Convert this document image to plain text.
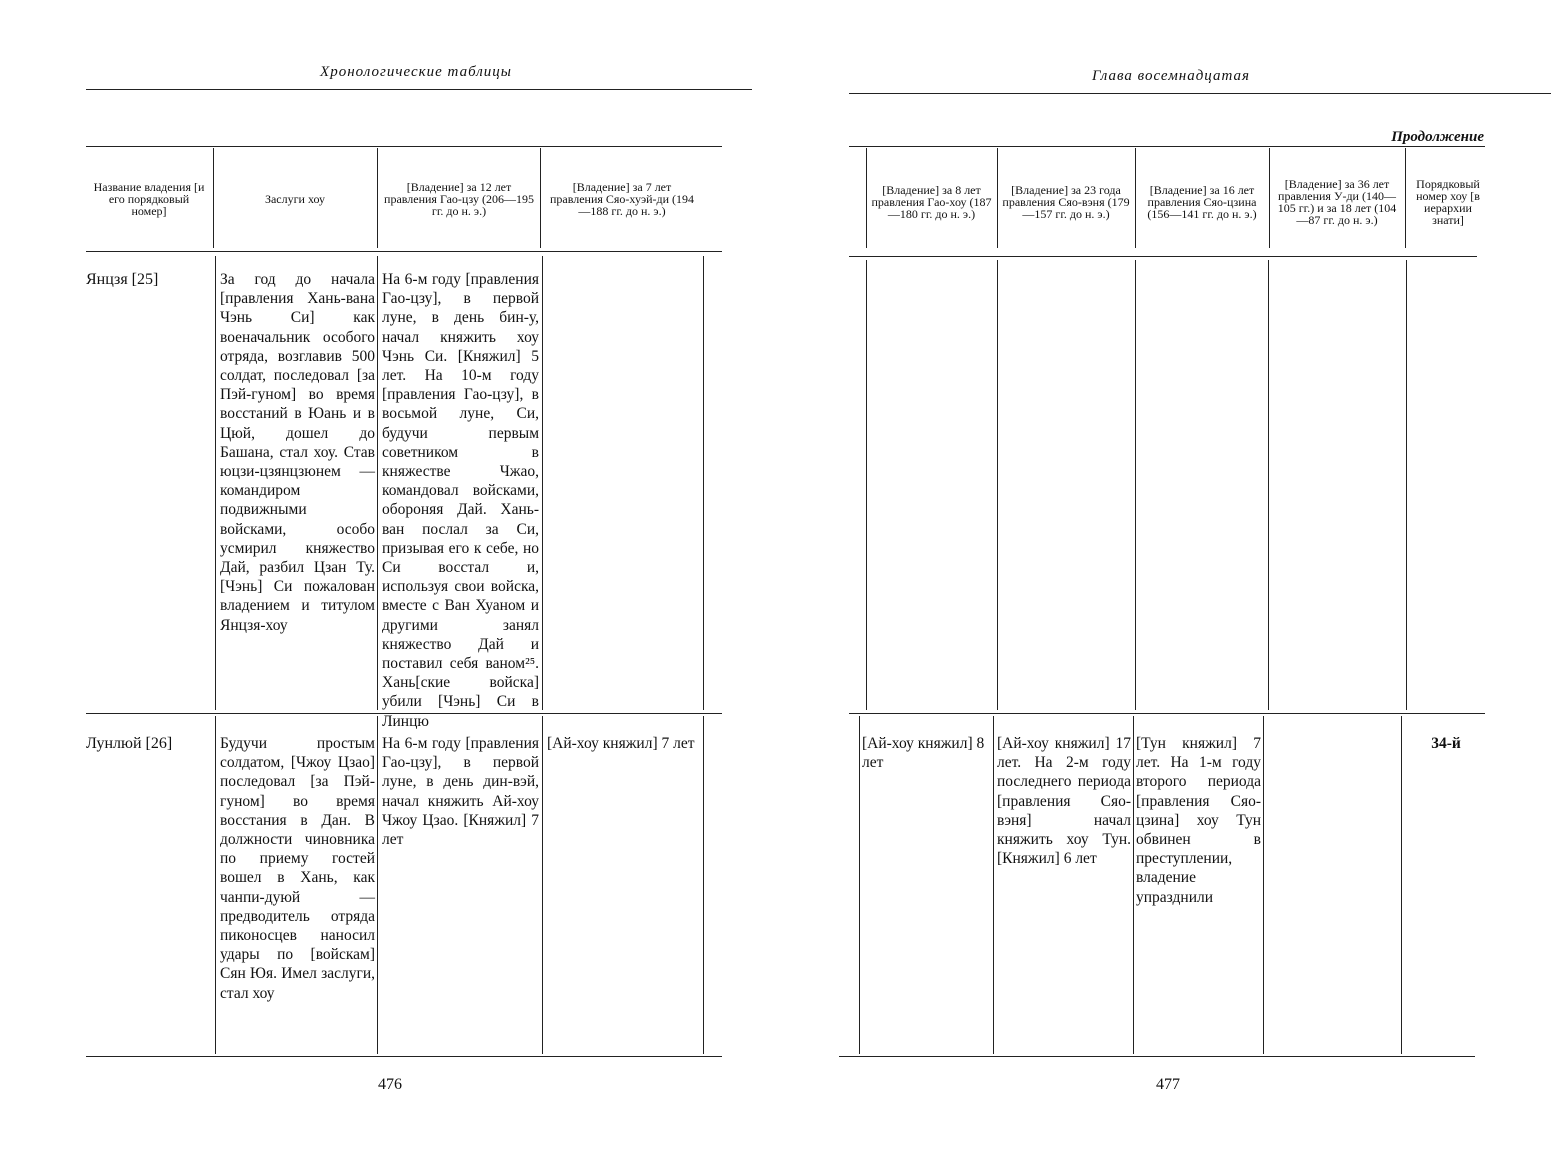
Хронологические таблицы
Название владения [и его порядковый номер]
Заслуги хоу
[Владение] за 12 лет правления Гао-цзу (206—195 гг. до н. э.)
[Владение] за 7 лет правления Сяо-хуэй-ди (194—188 гг. до н. э.)
Янцзя [25]	За год до начала [правления Хань-вана Чэнь Си] как военачальник особого отряда, возглавив 500 солдат, последовал [за Пэй-гуном] во время восстаний в Юань и в Цюй, дошел до Башана, стал хоу. Став юцзи-цзянцзюнем — командиром подвижными войсками, особо усмирил княжество Дай, разбил Цзан Ту. [Чэнь] Си пожалован владением и титулом Янцзя-хоу
На 6-м году [правления Гао-цзу], в первой луне, в день бин-у, начал княжить хоу Чэнь Си. [Княжил] 5 лет. На 10-м году [правления Гао-цзу], в восьмой луне, Си, будучи первым советником в княжестве Чжао, командовал войсками, обороняя Дай. Хань-ван послал за Си, призывая его к себе, но Си восстал и, используя свои войска, вместе с Ван Хуаном и другими занял княжество Дай и поставил себя ваном²⁵. Хань[ские войска] убили [Чэнь] Си в Линцю
Лунлюй [26]	Будучи простым солдатом, [Чжоу Цзао] последовал [за Пэй-гуном] во время восстания в Дан. В должности чиновника по приему гостей вошел в Хань, как чанпи-дуюй — предводитель отряда пиконосцев наносил удары по [войскам] Сян Юя. Имел заслуги, стал хоу
На 6-м году [правления Гао-цзу], в первой луне, в день дин-вэй, начал княжить Ай-хоу Чжоу Цзао. [Княжил] 7 лет
[Ай-хоу княжил] 7 лет
476
Глава восемнадцатая
Продолжение
[Владение] за 8 лет правления Гао-хоу (187—180 гг. до н. э.)
[Владение] за 23 года правления Сяо-вэня (179—157 гг. до н. э.)
[Владение] за 16 лет правления Сяо-цзина (156—141 гг. до н. э.)
[Владение] за 36 лет правления У-ди (140—105 гг.) и за 18 лет (104—87 гг. до н. э.)
Порядковый номер хоу [в иерархии знати]
[Ай-хоу княжил] 8 лет
[Ай-хоу княжил] 17 лет. На 2-м году последнего периода [правления Сяо-вэня] начал княжить хоу Тун. [Княжил] 6 лет
[Тун княжил] 7 лет. На 1-м году второго периода [правления Сяо-цзина] хоу Тун обвинен в преступлении, владение упразднили
34-й
477
